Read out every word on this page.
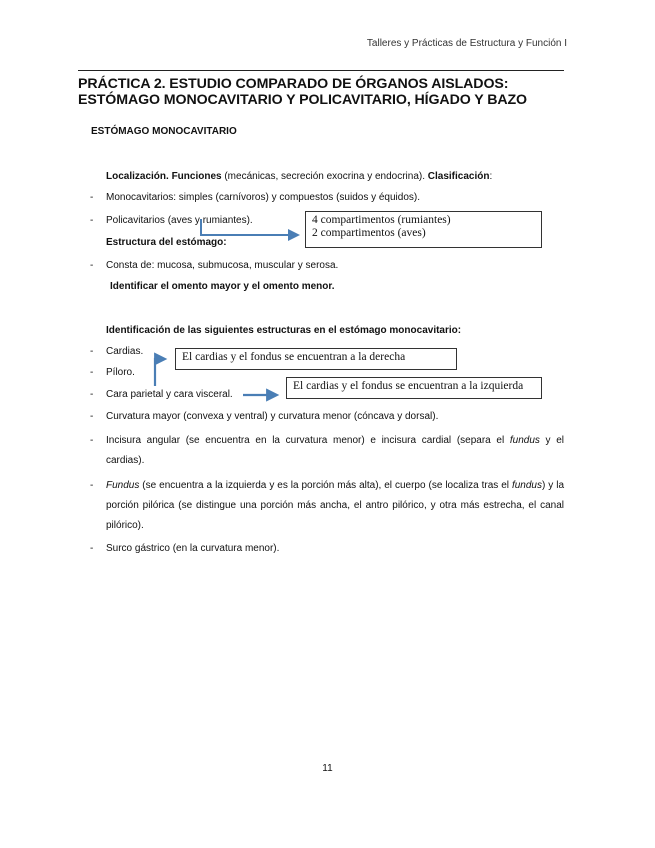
Talleres y Prácticas de Estructura y Función I
PRÁCTICA 2. ESTUDIO COMPARADO DE ÓRGANOS AISLADOS:
ESTÓMAGO MONOCAVITARIO Y POLICAVITARIO, HÍGADO Y BAZO
ESTÓMAGO MONOCAVITARIO
Localización. Funciones (mecánicas, secreción exocrina y endocrina). Clasificación:
- Monocavitarios: simples (carnívoros) y compuestos (suidos y équidos).
- Policavitarios (aves y rumiantes).
Estructura del estómago:
4 compartimentos (rumiantes)
2 compartimentos (aves)
- Consta de: mucosa, submucosa, muscular y serosa.
Identificar el omento mayor y el omento menor.
Identificación de las siguientes estructuras en el estómago monocavitario:
- Cardias.
- Píloro.
- Cara parietal y cara visceral.
El cardias y el fondus se encuentran a la derecha
El cardias y el fondus se encuentran a la izquierda
- Curvatura mayor (convexa y ventral) y curvatura menor (cóncava y dorsal).
- Incisura angular (se encuentra en la curvatura menor) e incisura cardial (separa el fundus y el
cardias).
- Fundus (se encuentra a la izquierda y es la porción más alta), el cuerpo (se localiza tras el fundus) y la porción pilórica (se distingue una porción más ancha, el antro pilórico, y otra más estrecha, el canal pilórico).
- Surco gástrico (en la curvatura menor).
11
